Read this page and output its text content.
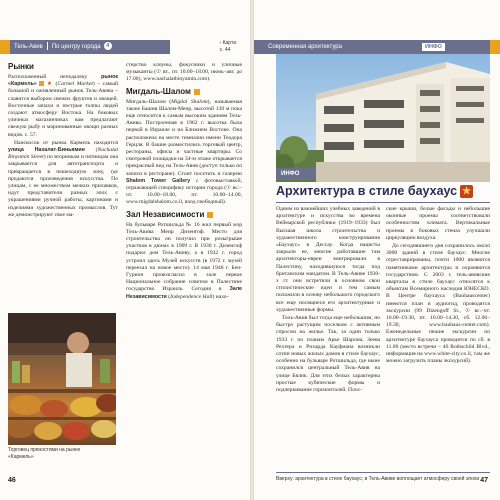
Тель-Авив По центру города 4
› Карта
с. 44
Рынки

Расположенный неподалеку рынок «Кармель» ★ (Carmel Market) – самый большой и оживленный рынок Тель-Авива – славится выбором свежих фруктов и овощей. Восточные запахи и пестрые толпы людей создают атмосферу Востока. На боковых уличных магазинчиках вам предлагают свежую рыбу и маринованные овощи разных видов. с. 57.

Наискосок от рынка Кармель находится улица Нахалат-Биньямин (Nachalat Binyamin Street) по вторникам и пятницам она закрывается для автотранспорта и превращается в пешеходную зону, где продаются произведения искусства. По улицам, с ее множеством мелких прилавков, идут представители разных эпох с украшениями ручной работы, картинами и изделиями художественных промыслов. Тут же демонстрируют свое ма-

Торговец пряностями на рынке
«Кармель»

стерство клоуны, фокусники и уличные музыканты (☉ вт., пт. 10.00–18.00, июнь–авг. до 17.00), www.nachalatbinyamin.com).

Мигдаль-Шалом

Мигдаль-Шалом (Migdal Shalom), называемая также Башня Шалом-Меир, высотой 130 м пока еще относится к самым высоким зданиям Тель-Авива. Построенная в 1962 г. высотка была первой в Израиле и на Ближнем Востоке. Она расположена на месте гимназии имени Теодора Герцля. В башне разместились торговый центр, рестораны, офисы и частные квартиры. Со смотровой площадки на 34-м этаже открывается прекрасный вид на Тель-Авив (доступ только по записи в ресторане). Стоит посетить и галерею Shalom Tower Gallery с фотовыставкой, отражающей специфику истории города (☉ вс.–чт. 10.00–18.00, пт. 10.00–14.00, www.migdalshalom.co.il, вход свободный).

Зал Независимости

На бульваре Ротшильда № 16 жил первый мэр Тель-Авива Меир Дизенгоф. Место для строительства он получил при розыгрыше участков в дюнах в 1909 г. В 1930 г. Дизенгоф подарил дом Тель-Авиву, а в 1932 г. город устроил здесь Музей искусств (в 1972 г. музей переехал на новое место). 14 мая 1948 г. Бен-Гурион провозгласил в зале первое Национальное собрание советом в Палестине государство Израиль. Сегодня в Зале Независимости (Independence Hall) нахо-

46
Современная архитектура	ИНФО
ИНФО
Архитектура в стиле баухаус ★

Одним из важнейших учебных заведений в архитектуре и искусства во времена Веймарской республики (1919–1933) был Высшая школа строительства и художественного конструирования «Баухаус» в Дессау. Когда нацисты закрыли ее, многие работавшие там архитекторы-евреи эмигрировали в Палестину, находившуюся тогда под британским мандатом. В Тель-Авиве 1930-х гг. они встретили в основном свои стилистические идеи и тем самым положили в основу небольшого городского все еще носящиеся его архитектурные и художественные формы.

Тель-Авив был тогда еще небольшим, но быстро растущим поселком с активным спросом на жилье. Так, за один только 1933 г. по планам Арье Шарона, Зеева Рехтера и Рихарда Кауфмана возникли сотни новых жилых домов в стиле баухаус, особенно на бульваре Ротшильда, где ныне сохранился центральный Тель-Авив на улице Бялик. Для этих белых характерны простые кубические формы и подчеркивание горизонталей. Плос-

ские крыши, белые фасады и небольшие оконные проемы соответствовали особенностям климата. Вертикальные проемы в боковых стенах улучшали циркуляцию воздуха.

До сегодняшнего дня сохранилось около 3000 зданий в стиле баухаус. Многие отреставрированы, почти 1000 являются памятниками архитектуры и охраняются государством. С 2003 г. тель-авивские кварталы в стиле баухаус относятся к объектам Всемирного наследия ЮНЕСКО. В Центре баухауса (Bauhauscenter) имеются план и аудиогид, проводятся экскурсии (99 Dizengoff St., ☉ вс.–чт. 10.00–19.30, пт. 10.00–14.30, сб. 12.00–19.30, www.bauhaus-center.com). Еженедельные пешие экскурсии по архитектуре баухауса проводятся по сб. в 11.00 (место встречи – 46 Rothschild Blvd., информация на www.white-city.co.il, там же можно загрузить планы экскурсий).

Вверху: архитектура в стиле баухаус; в Тель-Авиве воплощает атмосферу своей эпохи 47
